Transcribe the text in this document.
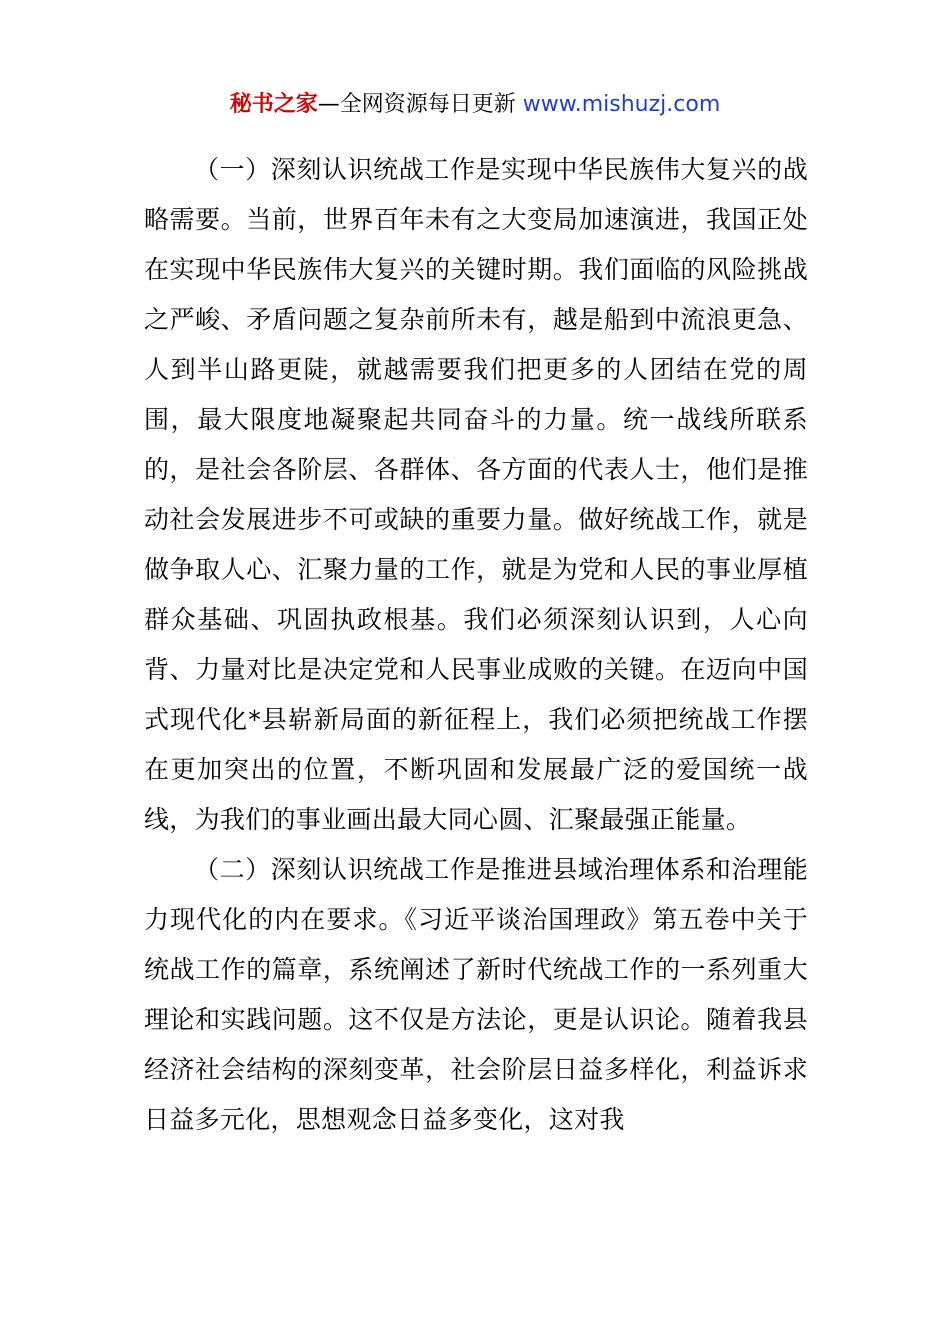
秘书之家—全网资源每日更新 www.mishuzj.com

（一）深刻认识统战工作是实现中华民族伟大复兴的战略需要。当前，世界百年未有之大变局加速演进，我国正处在实现中华民族伟大复兴的关键时期。我们面临的风险挑战之严峻、矛盾问题之复杂前所未有，越是船到中流浪更急、人到半山路更陡，就越需要我们把更多的人团结在党的周围，最大限度地凝聚起共同奋斗的力量。统一战线所联系的，是社会各阶层、各群体、各方面的代表人士，他们是推动社会发展进步不可或缺的重要力量。做好统战工作，就是做争取人心、汇聚力量的工作，就是为党和人民的事业厚植群众基础、巩固执政根基。我们必须深刻认识到，人心向背、力量对比是决定党和人民事业成败的关键。在迈向中国式现代化*县崭新局面的新征程上，我们必须把统战工作摆在更加突出的位置，不断巩固和发展最广泛的爱国统一战线，为我们的事业画出最大同心圆、汇聚最强正能量。

（二）深刻认识统战工作是推进县域治理体系和治理能力现代化的内在要求。《习近平谈治国理政》第五卷中关于统战工作的篇章，系统阐述了新时代统战工作的一系列重大理论和实践问题。这不仅是方法论，更是认识论。随着我县经济社会结构的深刻变革，社会阶层日益多样化，利益诉求日益多元化，思想观念日益多变化，这对我
